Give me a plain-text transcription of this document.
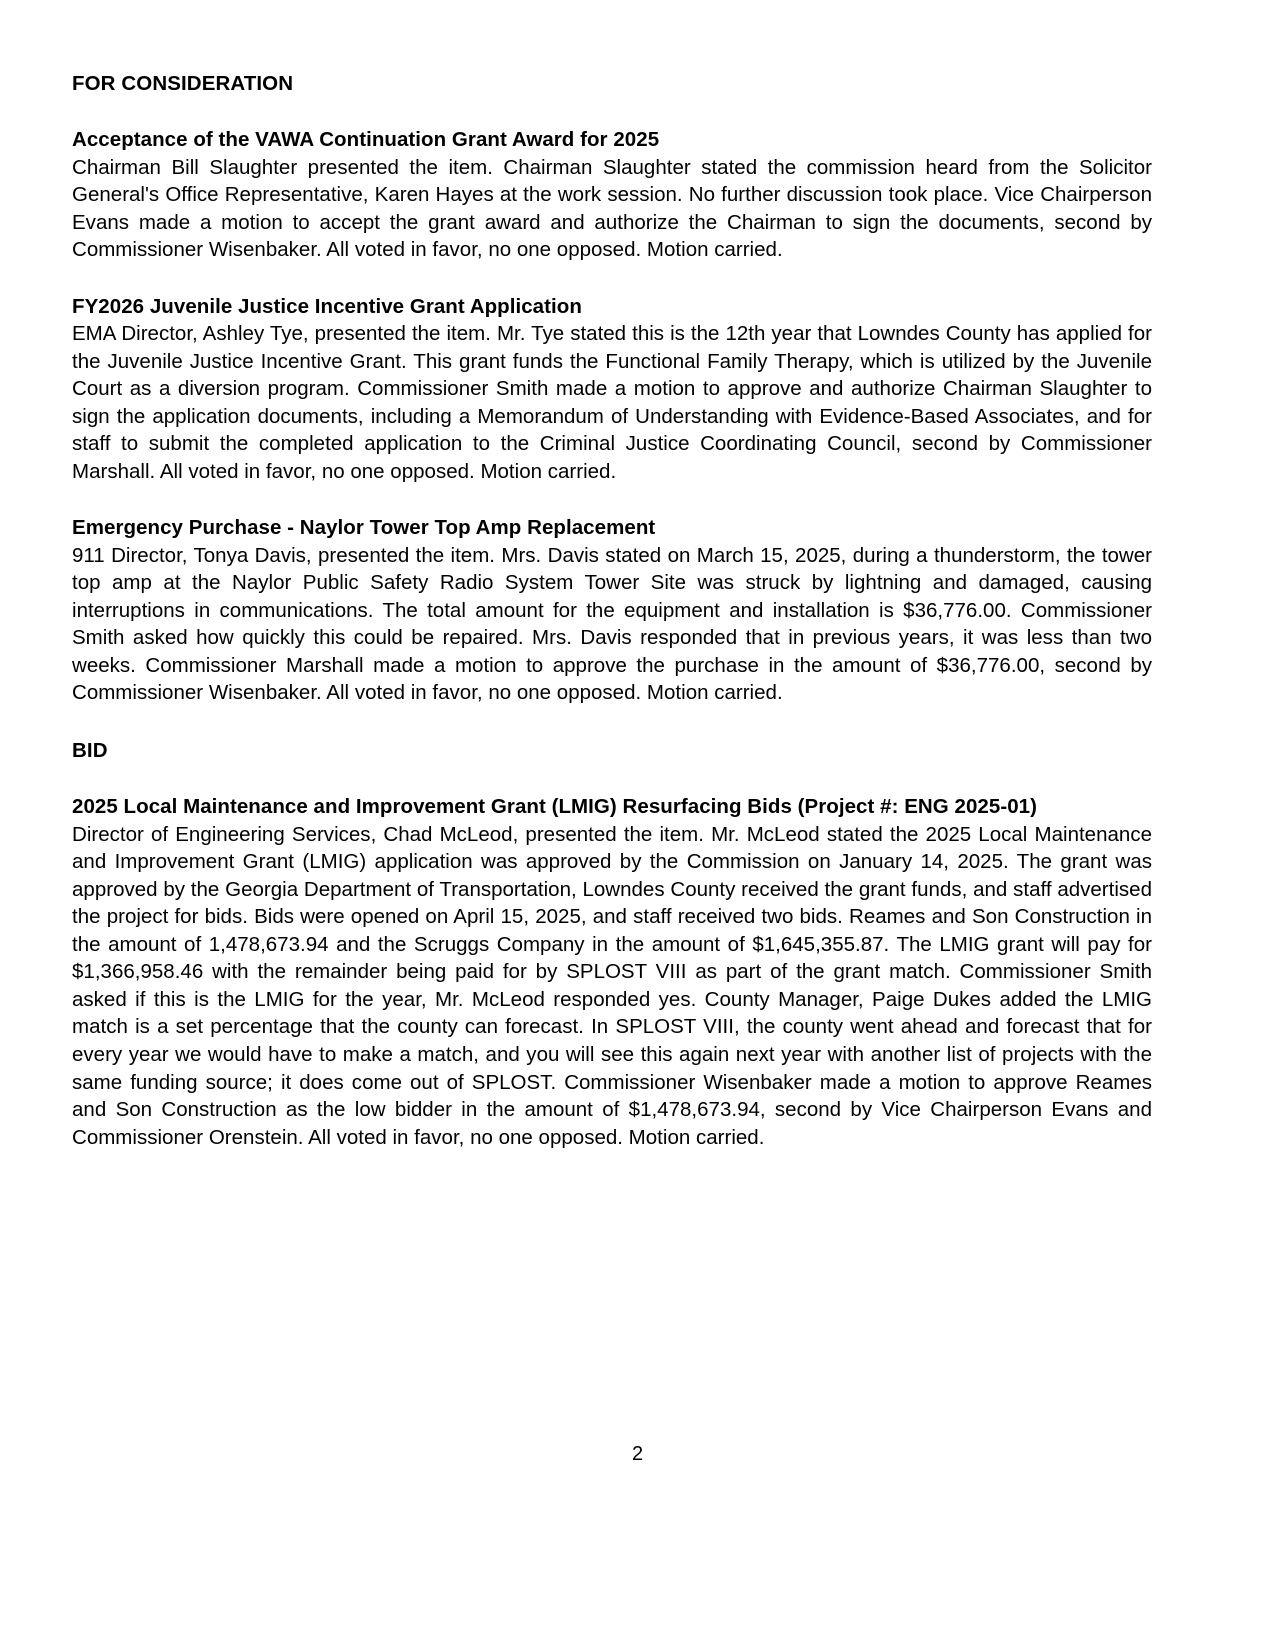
FOR CONSIDERATION
Acceptance of the VAWA Continuation Grant Award for 2025
Chairman Bill Slaughter presented the item. Chairman Slaughter stated the commission heard from the Solicitor General's Office Representative, Karen Hayes at the work session. No further discussion took place. Vice Chairperson Evans made a motion to accept the grant award and authorize the Chairman to sign the documents, second by Commissioner Wisenbaker. All voted in favor, no one opposed. Motion carried.
FY2026 Juvenile Justice Incentive Grant Application
EMA Director, Ashley Tye, presented the item. Mr. Tye stated this is the 12th year that Lowndes County has applied for the Juvenile Justice Incentive Grant. This grant funds the Functional Family Therapy, which is utilized by the Juvenile Court as a diversion program. Commissioner Smith made a motion to approve and authorize Chairman Slaughter to sign the application documents, including a Memorandum of Understanding with Evidence-Based Associates, and for staff to submit the completed application to the Criminal Justice Coordinating Council, second by Commissioner Marshall. All voted in favor, no one opposed. Motion carried.
Emergency Purchase - Naylor Tower Top Amp Replacement
911 Director, Tonya Davis, presented the item. Mrs. Davis stated on March 15, 2025, during a thunderstorm, the tower top amp at the Naylor Public Safety Radio System Tower Site was struck by lightning and damaged, causing interruptions in communications. The total amount for the equipment and installation is $36,776.00. Commissioner Smith asked how quickly this could be repaired. Mrs. Davis responded that in previous years, it was less than two weeks. Commissioner Marshall made a motion to approve the purchase in the amount of $36,776.00, second by Commissioner Wisenbaker. All voted in favor, no one opposed. Motion carried.
BID
2025 Local Maintenance and Improvement Grant (LMIG) Resurfacing Bids (Project #: ENG 2025-01)
Director of Engineering Services, Chad McLeod, presented the item. Mr. McLeod stated the 2025 Local Maintenance and Improvement Grant (LMIG) application was approved by the Commission on January 14, 2025. The grant was approved by the Georgia Department of Transportation, Lowndes County received the grant funds, and staff advertised the project for bids. Bids were opened on April 15, 2025, and staff received two bids. Reames and Son Construction in the amount of 1,478,673.94 and the Scruggs Company in the amount of $1,645,355.87. The LMIG grant will pay for $1,366,958.46 with the remainder being paid for by SPLOST VIII as part of the grant match. Commissioner Smith asked if this is the LMIG for the year, Mr. McLeod responded yes. County Manager, Paige Dukes added the LMIG match is a set percentage that the county can forecast. In SPLOST VIII, the county went ahead and forecast that for every year we would have to make a match, and you will see this again next year with another list of projects with the same funding source; it does come out of SPLOST. Commissioner Wisenbaker made a motion to approve Reames and Son Construction as the low bidder in the amount of $1,478,673.94, second by Vice Chairperson Evans and Commissioner Orenstein. All voted in favor, no one opposed. Motion carried.
2
